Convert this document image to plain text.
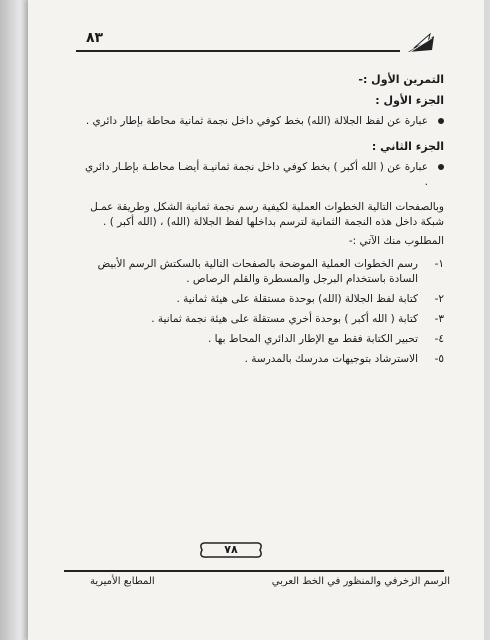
٨٣
التمرين الأول :-
الجزء الأول :
عبارة عن لفظ الجلالة (الله) بخط كوفي داخل نجمة ثمانية محاطة بإطار دائري .
الجزء الثاني :
عبارة عن ( الله أكبر ) بخط كوفي داخل نجمة ثمانيـة أيضـا محاطـة بإطـار دائري .
وبالصفحات التالية الخطوات العملية لكيفية رسم نجمة ثمانية الشكل وطريقة عمـل شبكة داخل هذه النجمة الثمانية لترسم بداخلها لفظ الجلالة (الله) ، (الله أكبر ) .
المطلوب منك الآتي :-
١-
رسم الخطوات العملية الموضحة بالصفحات التالية بالسكتش الرسم الأبيض السادة باستخدام البرجل والمسطرة والقلم الرصاص .
٢-
كتابة لفظ الجلالة (الله) بوحدة مستقلة على هيئة ثمانية .
٣-
كتابة ( الله أكبر ) بوحدة أخري مستقلة على هيئة نجمة ثمانية .
٤-
تحبير الكتابة فقط مع الإطار الدائري المحاط بها .
٥-
الاسترشاد بتوجيهات مدرسك بالمدرسة .
٧٨
الرسم الزخرفي والمنظور في الخط العربي
المطابع الأميرية
